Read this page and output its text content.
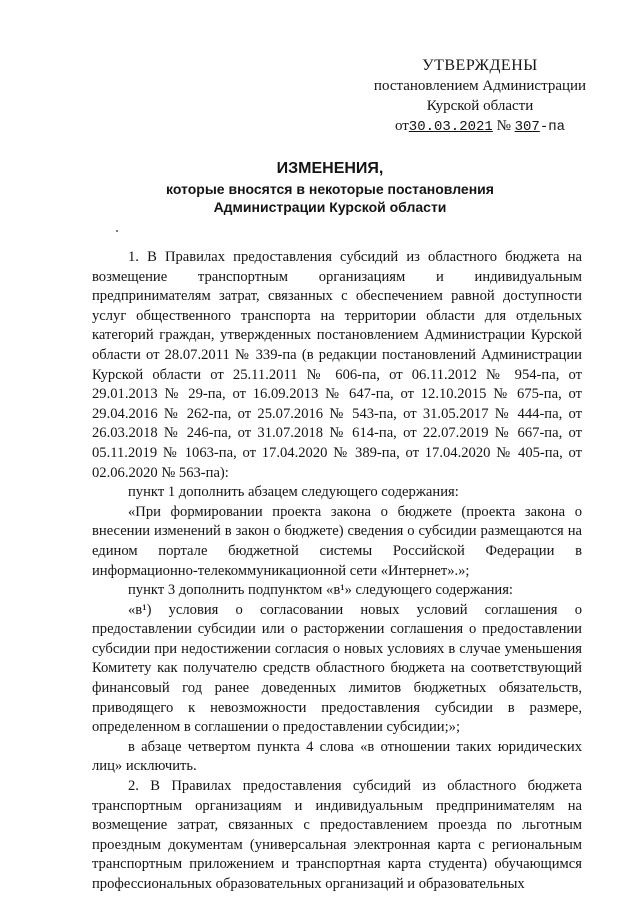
УТВЕРЖДЕНЫ
постановлением Администрации
Курской области
от30.03.2021 № 307-па
ИЗМЕНЕНИЯ,
которые вносятся в некоторые постановления
Администрации Курской области

1. В Правилах предоставления субсидий из областного бюджета на возмещение транспортным организациям и индивидуальным предпринимателям затрат, связанных с обеспечением равной доступности услуг общественного транспорта на территории области для отдельных категорий граждан, утвержденных постановлением Администрации Курской области от 28.07.2011 № 339-па (в редакции постановлений Администрации Курской области от 25.11.2011 № 606-па, от 06.11.2012 № 954-па, от 29.01.2013 № 29-па, от 16.09.2013 № 647-па, от 12.10.2015 № 675-па, от 29.04.2016 № 262-па, от 25.07.2016 № 543-па, от 31.05.2017 № 444-па, от 26.03.2018 № 246-па, от 31.07.2018 № 614-па, от 22.07.2019 № 667-па, от 05.11.2019 № 1063-па, от 17.04.2020 № 389-па, от 17.04.2020 № 405-па, от 02.06.2020 № 563-па):

пункт 1 дополнить абзацем следующего содержания:

«При формировании проекта закона о бюджете (проекта закона о внесении изменений в закон о бюджете) сведения о субсидии размещаются на едином портале бюджетной системы Российской Федерации в информационно-телекоммуникационной сети «Интернет».»;

пункт 3 дополнить подпунктом «в¹» следующего содержания:

«в¹) условия о согласовании новых условий соглашения о предоставлении субсидии или о расторжении соглашения о предоставлении субсидии при недостижении согласия о новых условиях в случае уменьшения Комитету как получателю средств областного бюджета на соответствующий финансовый год ранее доведенных лимитов бюджетных обязательств, приводящего к невозможности предоставления субсидии в размере, определенном в соглашении о предоставлении субсидии;»;

в абзаце четвертом пункта 4 слова «в отношении таких юридических лиц» исключить.

2. В Правилах предоставления субсидий из областного бюджета транспортным организациям и индивидуальным предпринимателям на возмещение затрат, связанных с предоставлением проезда по льготным проездным документам (универсальная электронная карта с региональным транспортным приложением и транспортная карта студента) обучающимся профессиональных образовательных организаций и образовательных
